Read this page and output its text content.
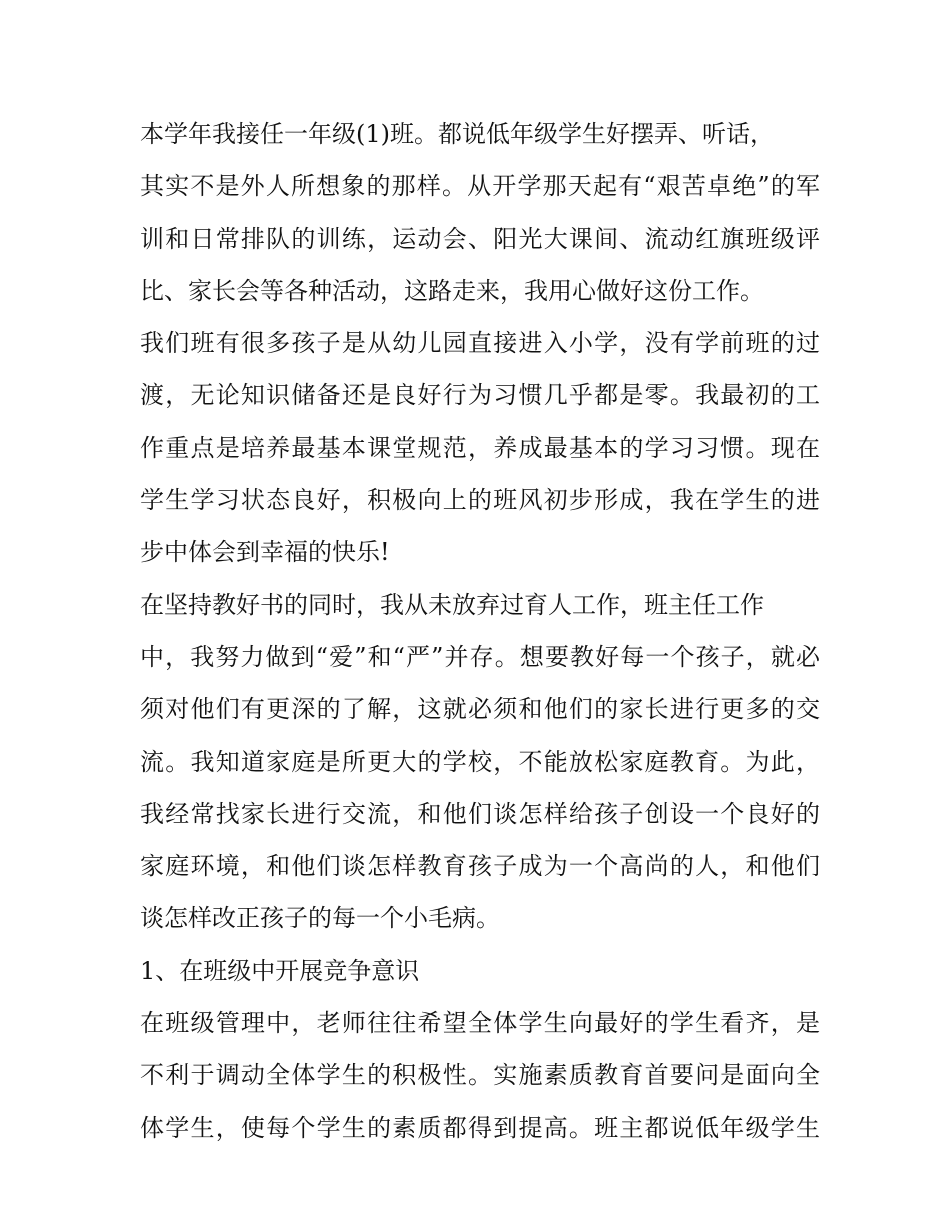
本学年我接任一年级(1)班。都说低年级学生好摆弄、听话，
其实不是外人所想象的那样。从开学那天起有“艰苦卓绝”的军
训和日常排队的训练，运动会、阳光大课间、流动红旗班级评
比、家长会等各种活动，这路走来，我用心做好这份工作。
我们班有很多孩子是从幼儿园直接进入小学，没有学前班的过
渡，无论知识储备还是良好行为习惯几乎都是零。我最初的工
作重点是培养最基本课堂规范，养成最基本的学习习惯。现在
学生学习状态良好，积极向上的班风初步形成，我在学生的进
步中体会到幸福的快乐!
在坚持教好书的同时，我从未放弃过育人工作，班主任工作
中，我努力做到“爱”和“严”并存。想要教好每一个孩子，就必
须对他们有更深的了解，这就必须和他们的家长进行更多的交
流。我知道家庭是所更大的学校，不能放松家庭教育。为此，
我经常找家长进行交流，和他们谈怎样给孩子创设一个良好的
家庭环境，和他们谈怎样教育孩子成为一个高尚的人，和他们
谈怎样改正孩子的每一个小毛病。
1、在班级中开展竞争意识
在班级管理中，老师往往希望全体学生向最好的学生看齐，是
不利于调动全体学生的积极性。实施素质教育首要问是面向全
体学生，使每个学生的素质都得到提高。班主都说低年级学生
